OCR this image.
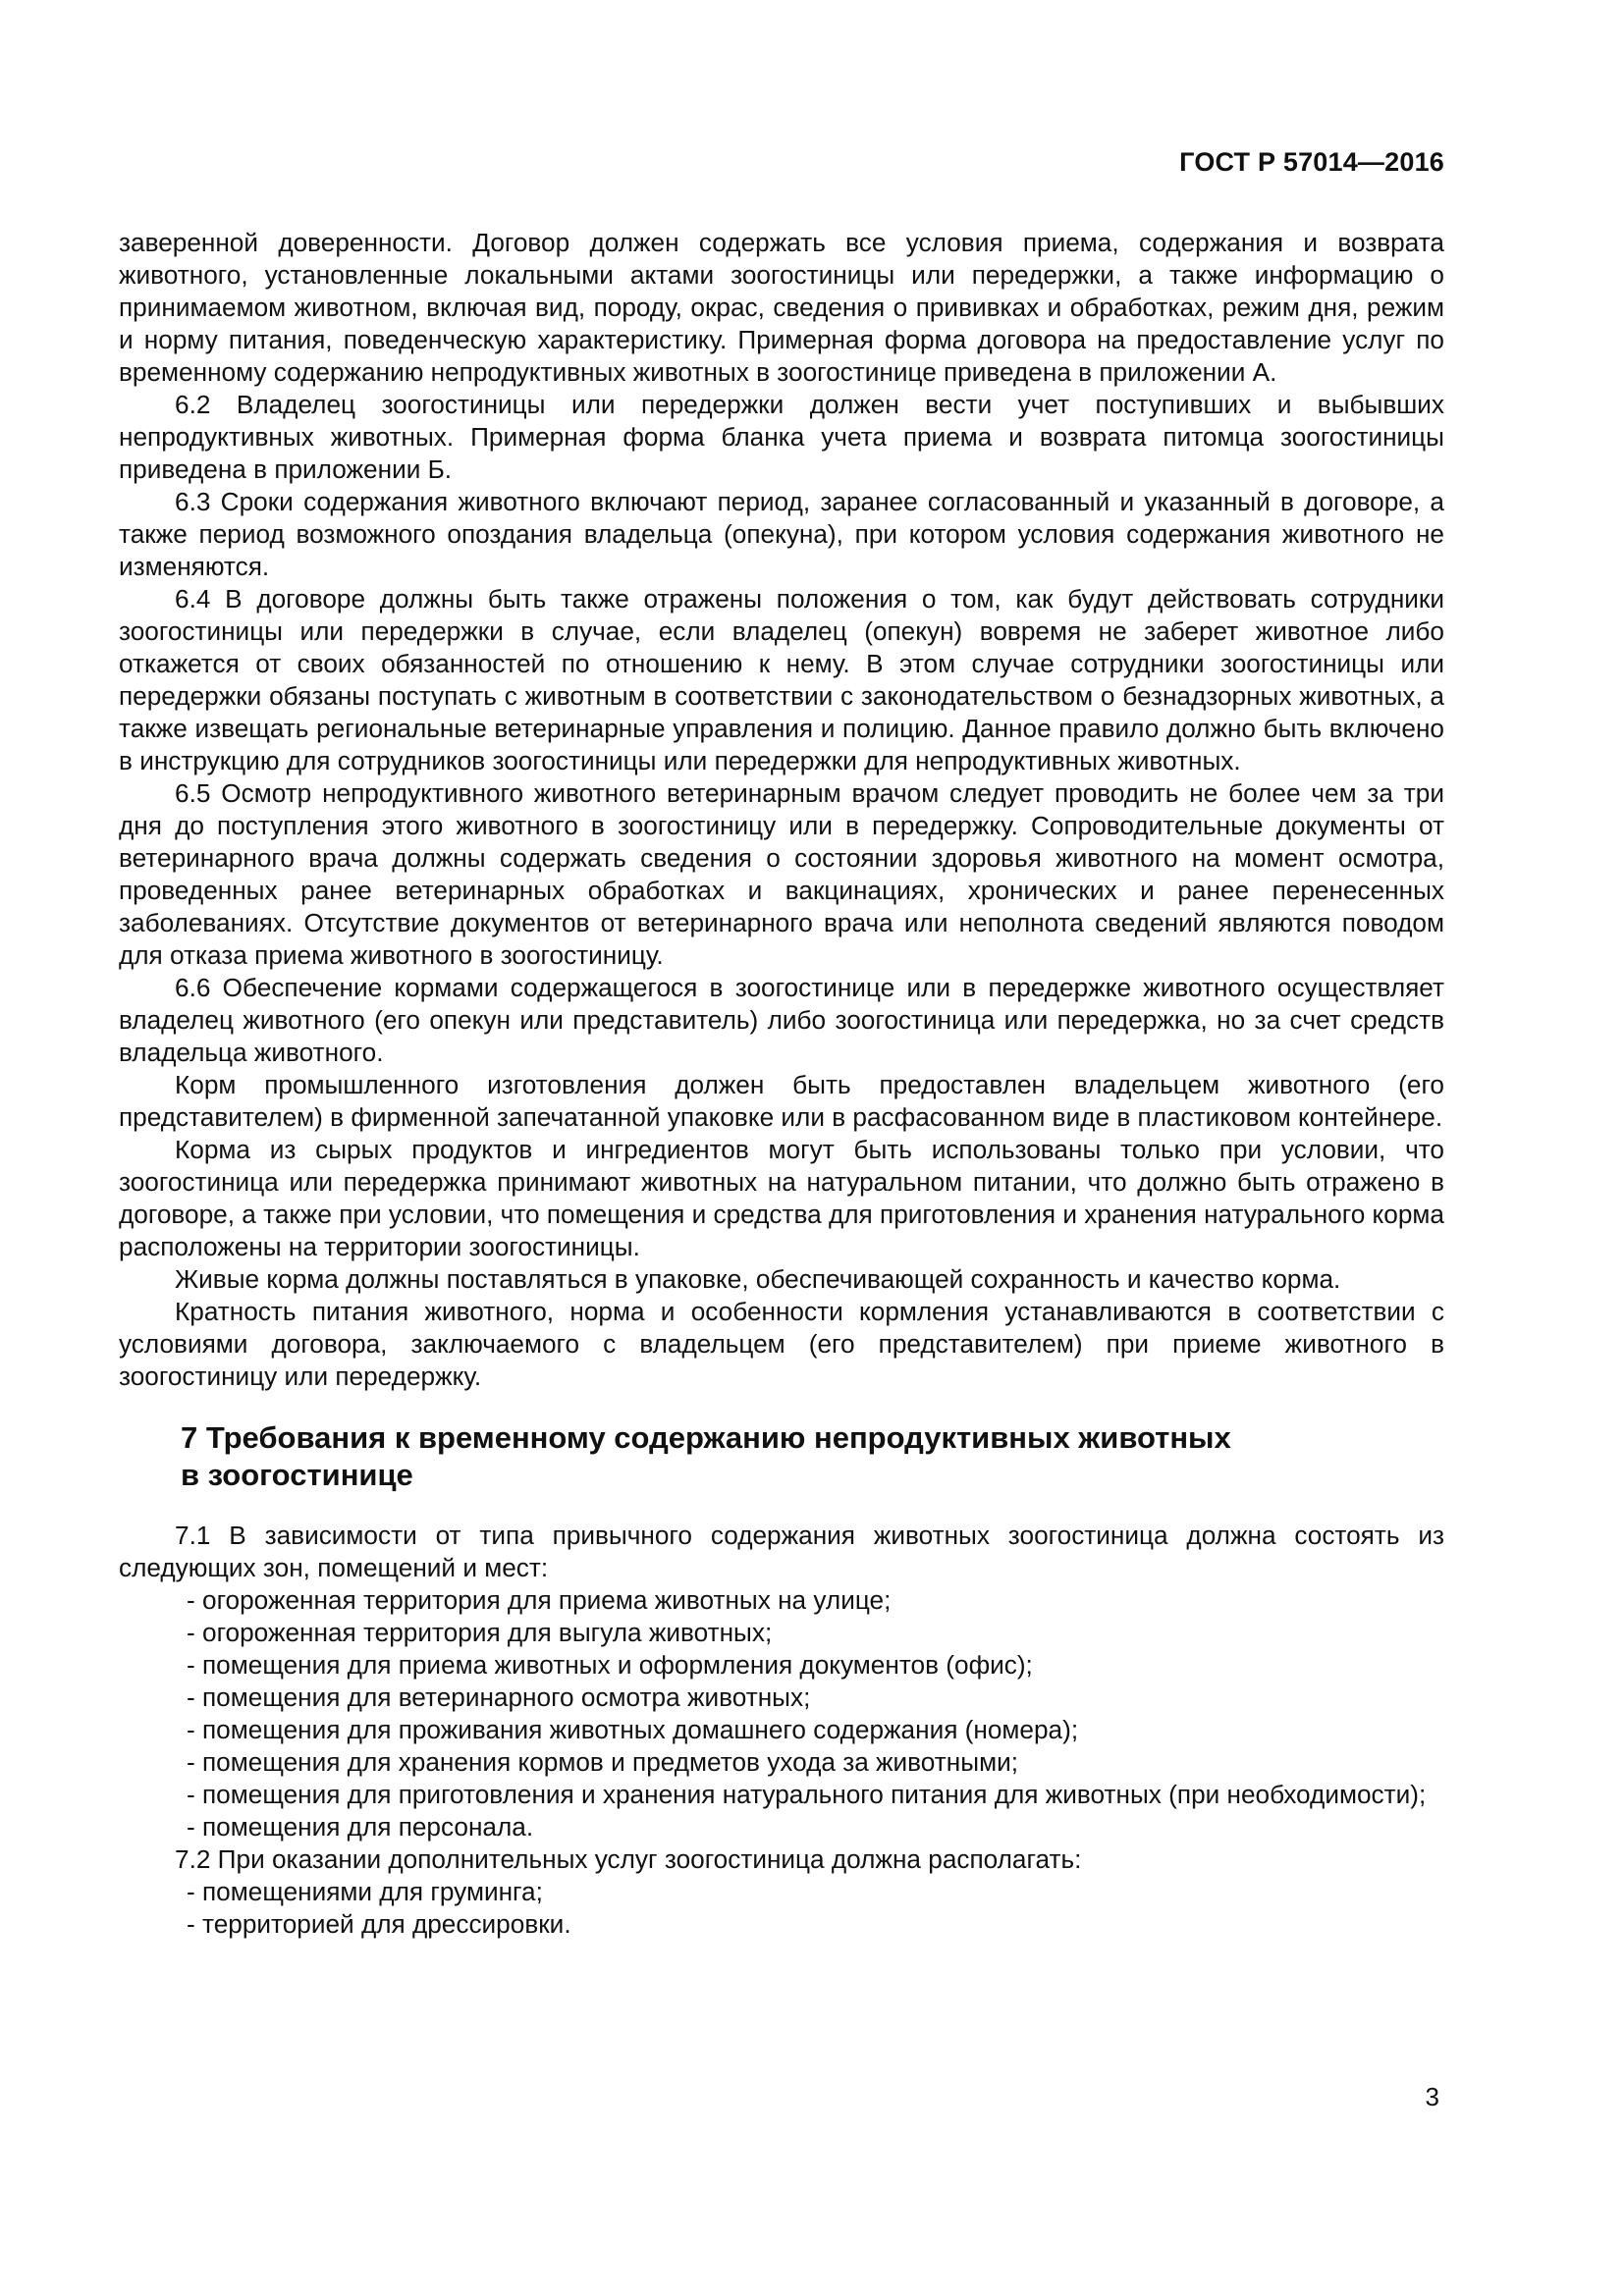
ГОСТ Р 57014—2016

заверенной доверенности. Договор должен содержать все условия приема, содержания и возврата животного, установленные локальными актами зоогостиницы или передержки, а также информацию о принимаемом животном, включая вид, породу, окрас, сведения о прививках и обработках, режим дня, режим и норму питания, поведенческую характеристику. Примерная форма договора на предоставление услуг по временному содержанию непродуктивных животных в зоогостинице приведена в приложении А.

6.2 Владелец зоогостиницы или передержки должен вести учет поступивших и выбывших непродуктивных животных. Примерная форма бланка учета приема и возврата питомца зоогостиницы приведена в приложении Б.

6.3 Сроки содержания животного включают период, заранее согласованный и указанный в договоре, а также период возможного опоздания владельца (опекуна), при котором условия содержания животного не изменяются.

6.4 В договоре должны быть также отражены положения о том, как будут действовать сотрудники зоогостиницы или передержки в случае, если владелец (опекун) вовремя не заберет животное либо откажется от своих обязанностей по отношению к нему. В этом случае сотрудники зоогостиницы или передержки обязаны поступать с животным в соответствии с законодательством о безнадзорных животных, а также извещать региональные ветеринарные управления и полицию. Данное правило должно быть включено в инструкцию для сотрудников зоогостиницы или передержки для непродуктивных животных.

6.5 Осмотр непродуктивного животного ветеринарным врачом следует проводить не более чем за три дня до поступления этого животного в зоогостиницу или в передержку. Сопроводительные документы от ветеринарного врача должны содержать сведения о состоянии здоровья животного на момент осмотра, проведенных ранее ветеринарных обработках и вакцинациях, хронических и ранее перенесенных заболеваниях. Отсутствие документов от ветеринарного врача или неполнота сведений являются поводом для отказа приема животного в зоогостиницу.

6.6 Обеспечение кормами содержащегося в зоогостинице или в передержке животного осуществляет владелец животного (его опекун или представитель) либо зоогостиница или передержка, но за счет средств владельца животного.

Корм промышленного изготовления должен быть предоставлен владельцем животного (его представителем) в фирменной запечатанной упаковке или в расфасованном виде в пластиковом контейнере.

Корма из сырых продуктов и ингредиентов могут быть использованы только при условии, что зоогостиница или передержка принимают животных на натуральном питании, что должно быть отражено в договоре, а также при условии, что помещения и средства для приготовления и хранения натурального корма расположены на территории зоогостиницы.

Живые корма должны поставляться в упаковке, обеспечивающей сохранность и качество корма.

Кратность питания животного, норма и особенности кормления устанавливаются в соответствии с условиями договора, заключаемого с владельцем (его представителем) при приеме животного в зоогостиницу или передержку.

7 Требования к временному содержанию непродуктивных животных
в зоогостинице

7.1 В зависимости от типа привычного содержания животных зоогостиница должна состоять из следующих зон, помещений и мест:

- огороженная территория для приема животных на улице;
- огороженная территория для выгула животных;
- помещения для приема животных и оформления документов (офис);
- помещения для ветеринарного осмотра животных;
- помещения для проживания животных домашнего содержания (номера);
- помещения для хранения кормов и предметов ухода за животными;
- помещения для приготовления и хранения натурального питания для животных (при необходимости);
- помещения для персонала.

7.2 При оказании дополнительных услуг зоогостиница должна располагать:

- помещениями для груминга;
- территорией для дрессировки.
3
